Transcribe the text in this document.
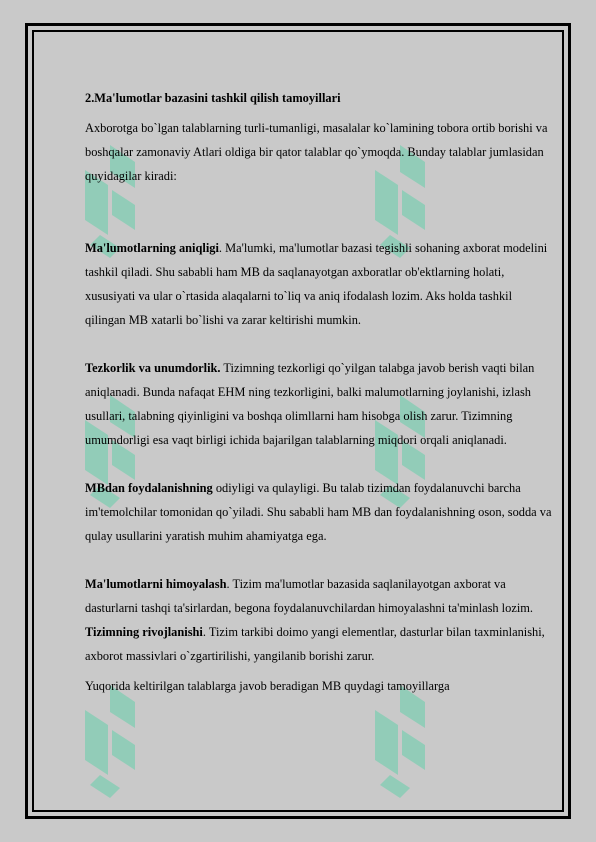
2.Ma'lumotlar bazasini tashkil qilish tamoyillari

Axborotga bo`lgan talablarning turli-tumanligi, masalalar ko`lamining tobora ortib borishi va boshqalar zamonaviy Atlari oldiga bir qator talablar qo`ymoqda. Bunday talablar jumlasidan quyidagilar kiradi:

Ma'lumotlarning aniqligi. Ma'lumki, ma'lumotlar bazasi tegishli sohaning axborat modelini tashkil qiladi. Shu sababli ham MB da saqlanayotgan axboratlar ob'ektlarning holati, xususiyati va ular o`rtasida alaqalarni to`liq va aniq ifodalash lozim. Aks holda tashkil qilingan MB xatarli bo`lishi va zarar keltirishi mumkin.

Tezkorlik va unumdorlik. Tizimning tezkorligi qo`yilgan talabga javob berish vaqti bilan aniqlanadi. Bunda nafaqat EHM ning tezkorligini, balki malumotlarning joylanishi, izlash usullari, talabning qiyinligini va boshqa olimllarni ham hisobga olish zarur. Tizimning umumdorligi esa vaqt birligi ichida bajarilgan talablarning miqdori orqali aniqlanadi.

MBdan foydalanishning odiyligi va qulayligi. Bu talab tizimdan foydalanuvchi barcha im'temolchilar tomonidan qo`yiladi. Shu sababli ham MB dan foydalanishning oson, sodda va qulay usullarini yaratish muhim ahamiyatga ega.

Ma'lumotlarni himoyalash. Tizim ma'lumotlar bazasida saqlanilayotgan axborat va dasturlarni tashqi ta'sirlardan, begona foydalanuvchilardan himoyalashni ta'minlash lozim.

Tizimning rivojlanishi. Tizim tarkibi doimo yangi elementlar, dasturlar bilan taxminlanishi, axborot massivlari o`zgartirilishi, yangilanib borishi zarur.

Yuqorida keltirilgan talablarga javob beradigan MB quydagi tamoyillarga
